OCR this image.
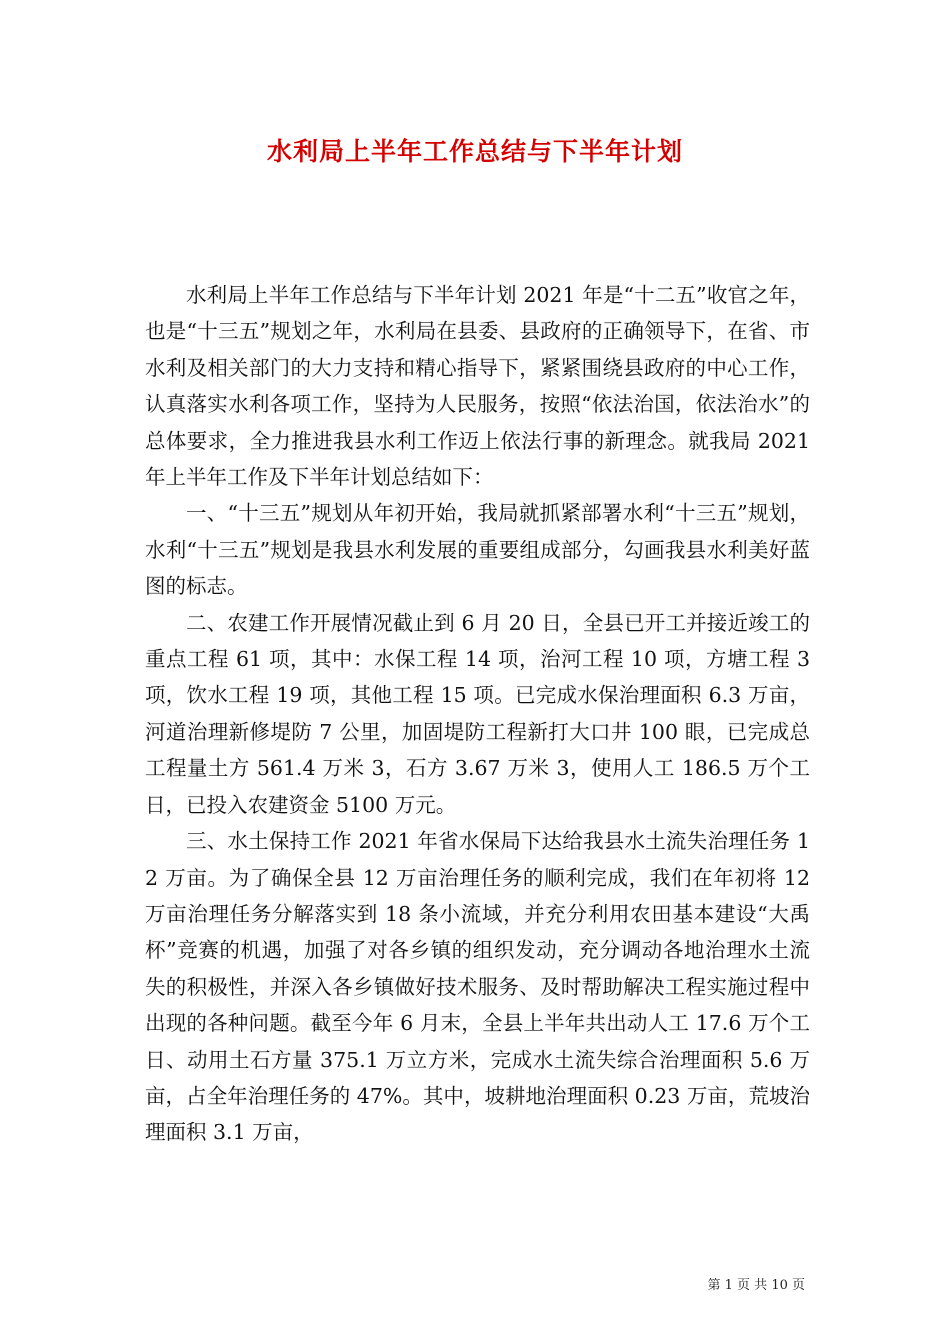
水利局上半年工作总结与下半年计划

水利局上半年工作总结与下半年计划 2021 年是“十二五”收官之年，也是“十三五”规划之年，水利局在县委、县政府的正确领导下，在省、市水利及相关部门的大力支持和精心指导下，紧紧围绕县政府的中心工作，认真落实水利各项工作，坚持为人民服务，按照“依法治国，依法治水”的总体要求，全力推进我县水利工作迈上依法行事的新理念。就我局 2021 年上半年工作及下半年计划总结如下：

一、“十三五”规划从年初开始，我局就抓紧部署水利“十三五”规划，水利“十三五”规划是我县水利发展的重要组成部分，勾画我县水利美好蓝图的标志。

二、农建工作开展情况截止到 6 月 20 日，全县已开工并接近竣工的重点工程 61 项，其中：水保工程 14 项，治河工程 10 项，方塘工程 3 项，饮水工程 19 项，其他工程 15 项。已完成水保治理面积 6.3 万亩，河道治理新修堤防 7 公里，加固堤防工程新打大口井 100 眼，已完成总工程量土方 561.4 万米 3，石方 3.67 万米 3，使用人工 186.5 万个工日，已投入农建资金 5100 万元。

三、水土保持工作 2021 年省水保局下达给我县水土流失治理任务 12 万亩。为了确保全县 12 万亩治理任务的顺利完成，我们在年初将 12 万亩治理任务分解落实到 18 条小流域，并充分利用农田基本建设“大禹杯”竞赛的机遇，加强了对各乡镇的组织发动，充分调动各地治理水土流失的积极性，并深入各乡镇做好技术服务、及时帮助解决工程实施过程中出现的各种问题。截至今年 6 月末，全县上半年共出动人工 17.6 万个工日、动用土石方量 375.1 万立方米，完成水土流失综合治理面积 5.6 万亩，占全年治理任务的 47%。其中，坡耕地治理面积 0.23 万亩，荒坡治理面积 3.1 万亩，

第 1 页 共 10 页
